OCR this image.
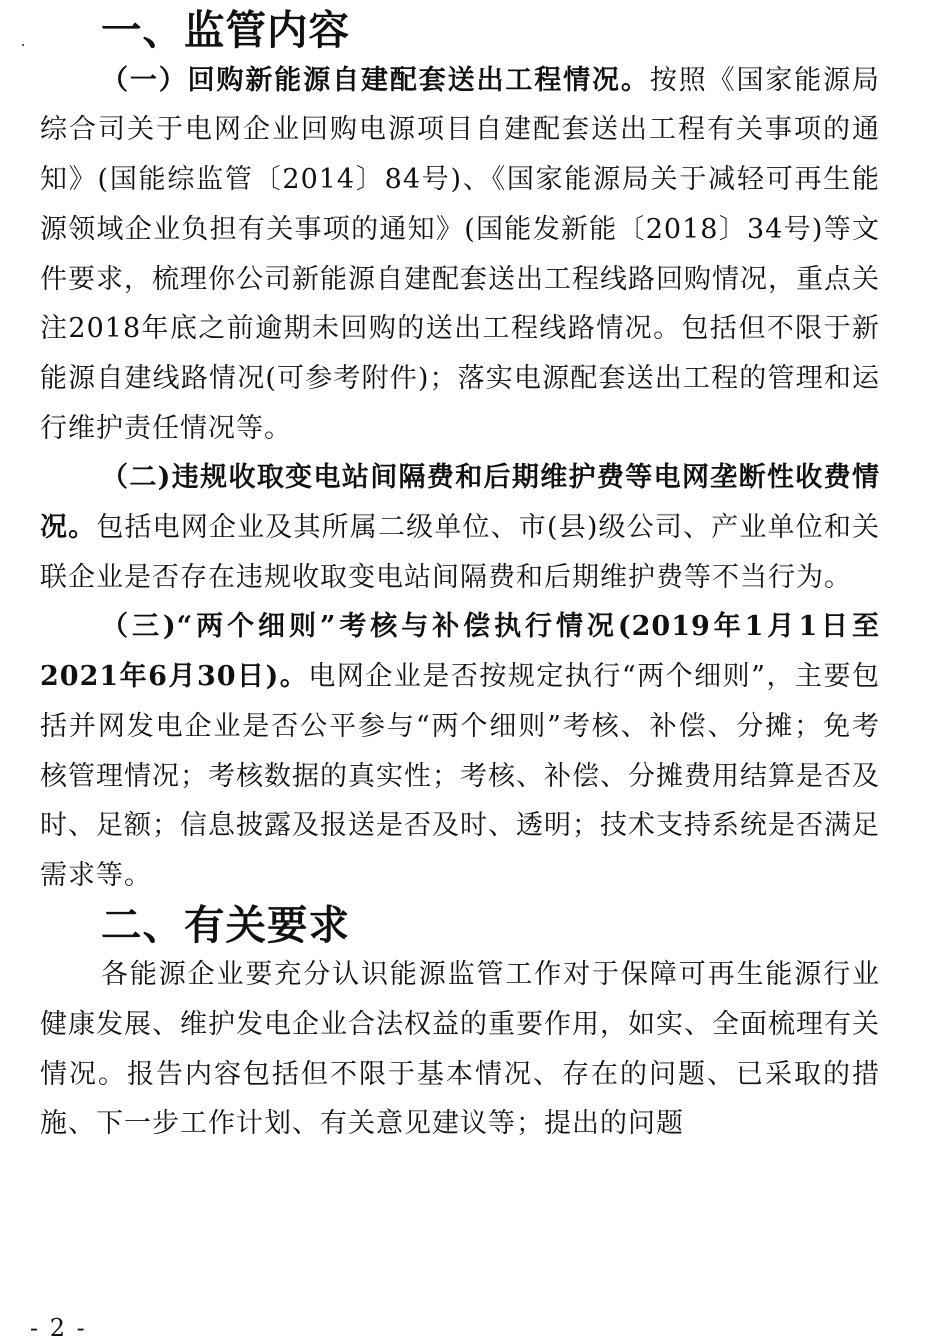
一、监管内容

（一）回购新能源自建配套送出工程情况。按照《国家能源局综合司关于电网企业回购电源项目自建配套送出工程有关事项的通知》(国能综监管〔2014〕84号)、《国家能源局关于减轻可再生能源领域企业负担有关事项的通知》(国能发新能〔2018〕34号)等文件要求，梳理你公司新能源自建配套送出工程线路回购情况，重点关注2018年底之前逾期未回购的送出工程线路情况。包括但不限于新能源自建线路情况(可参考附件)；落实电源配套送出工程的管理和运行维护责任情况等。

（二)违规收取变电站间隔费和后期维护费等电网垄断性收费情况。包括电网企业及其所属二级单位、市(县)级公司、产业单位和关联企业是否存在违规收取变电站间隔费和后期维护费等不当行为。

（三)“两个细则”考核与补偿执行情况(2019年1月1日至2021年6月30日)。电网企业是否按规定执行“两个细则”，主要包括并网发电企业是否公平参与“两个细则”考核、补偿、分摊；免考核管理情况；考核数据的真实性；考核、补偿、分摊费用结算是否及时、足额；信息披露及报送是否及时、透明；技术支持系统是否满足需求等。

二、有关要求

各能源企业要充分认识能源监管工作对于保障可再生能源行业健康发展、维护发电企业合法权益的重要作用，如实、全面梳理有关情况。报告内容包括但不限于基本情况、存在的问题、已采取的措施、下一步工作计划、有关意见建议等；提出的问题

- 2 -
